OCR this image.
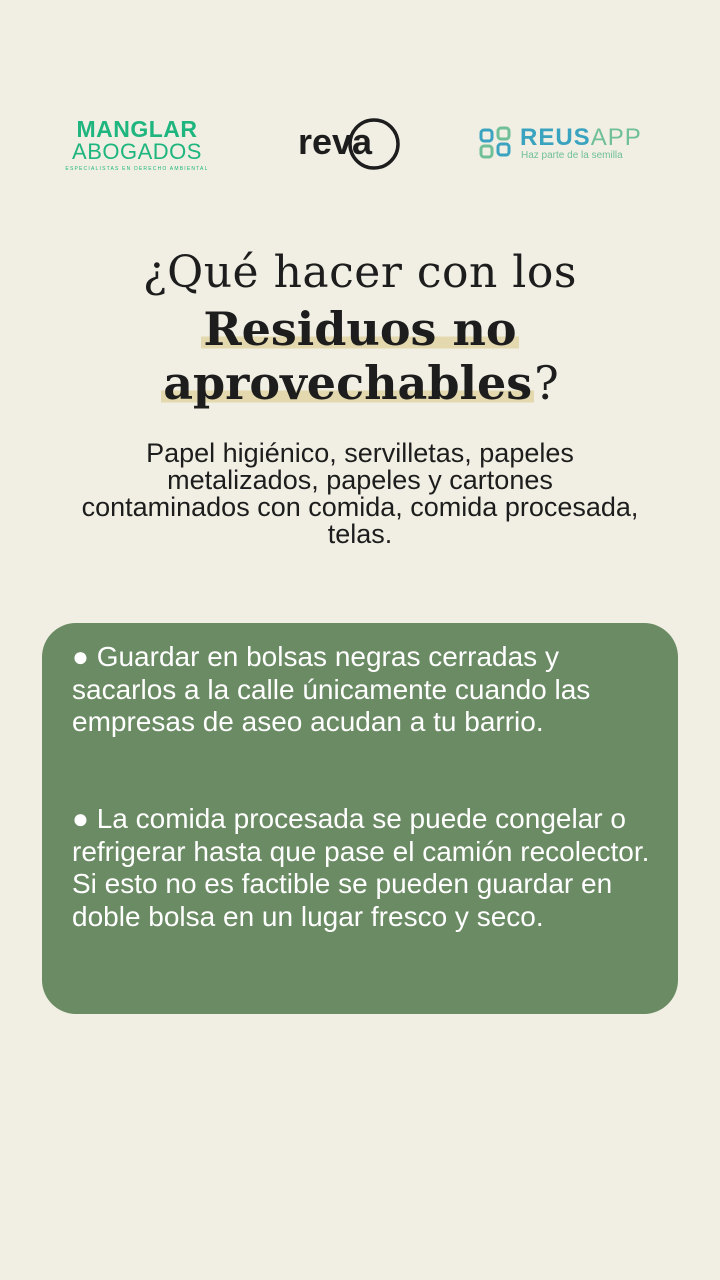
MANGLAR
ABOGADOS
ESPECIALISTAS EN DERECHO AMBIENTAL
reva	REUSAPP
Haz parte de la semilla
¿Qué hacer con los
Residuos no
aprovechables?
Papel higiénico, servilletas, papeles metalizados, papeles y cartones contaminados con comida, comida procesada, telas.

● Guardar en bolsas negras cerradas y sacarlos a la calle únicamente cuando las empresas de aseo acudan a tu barrio.

● La comida procesada se puede congelar o refrigerar hasta que pase el camión recolector. Si esto no es factible se pueden guardar en doble bolsa en un lugar fresco y seco.
